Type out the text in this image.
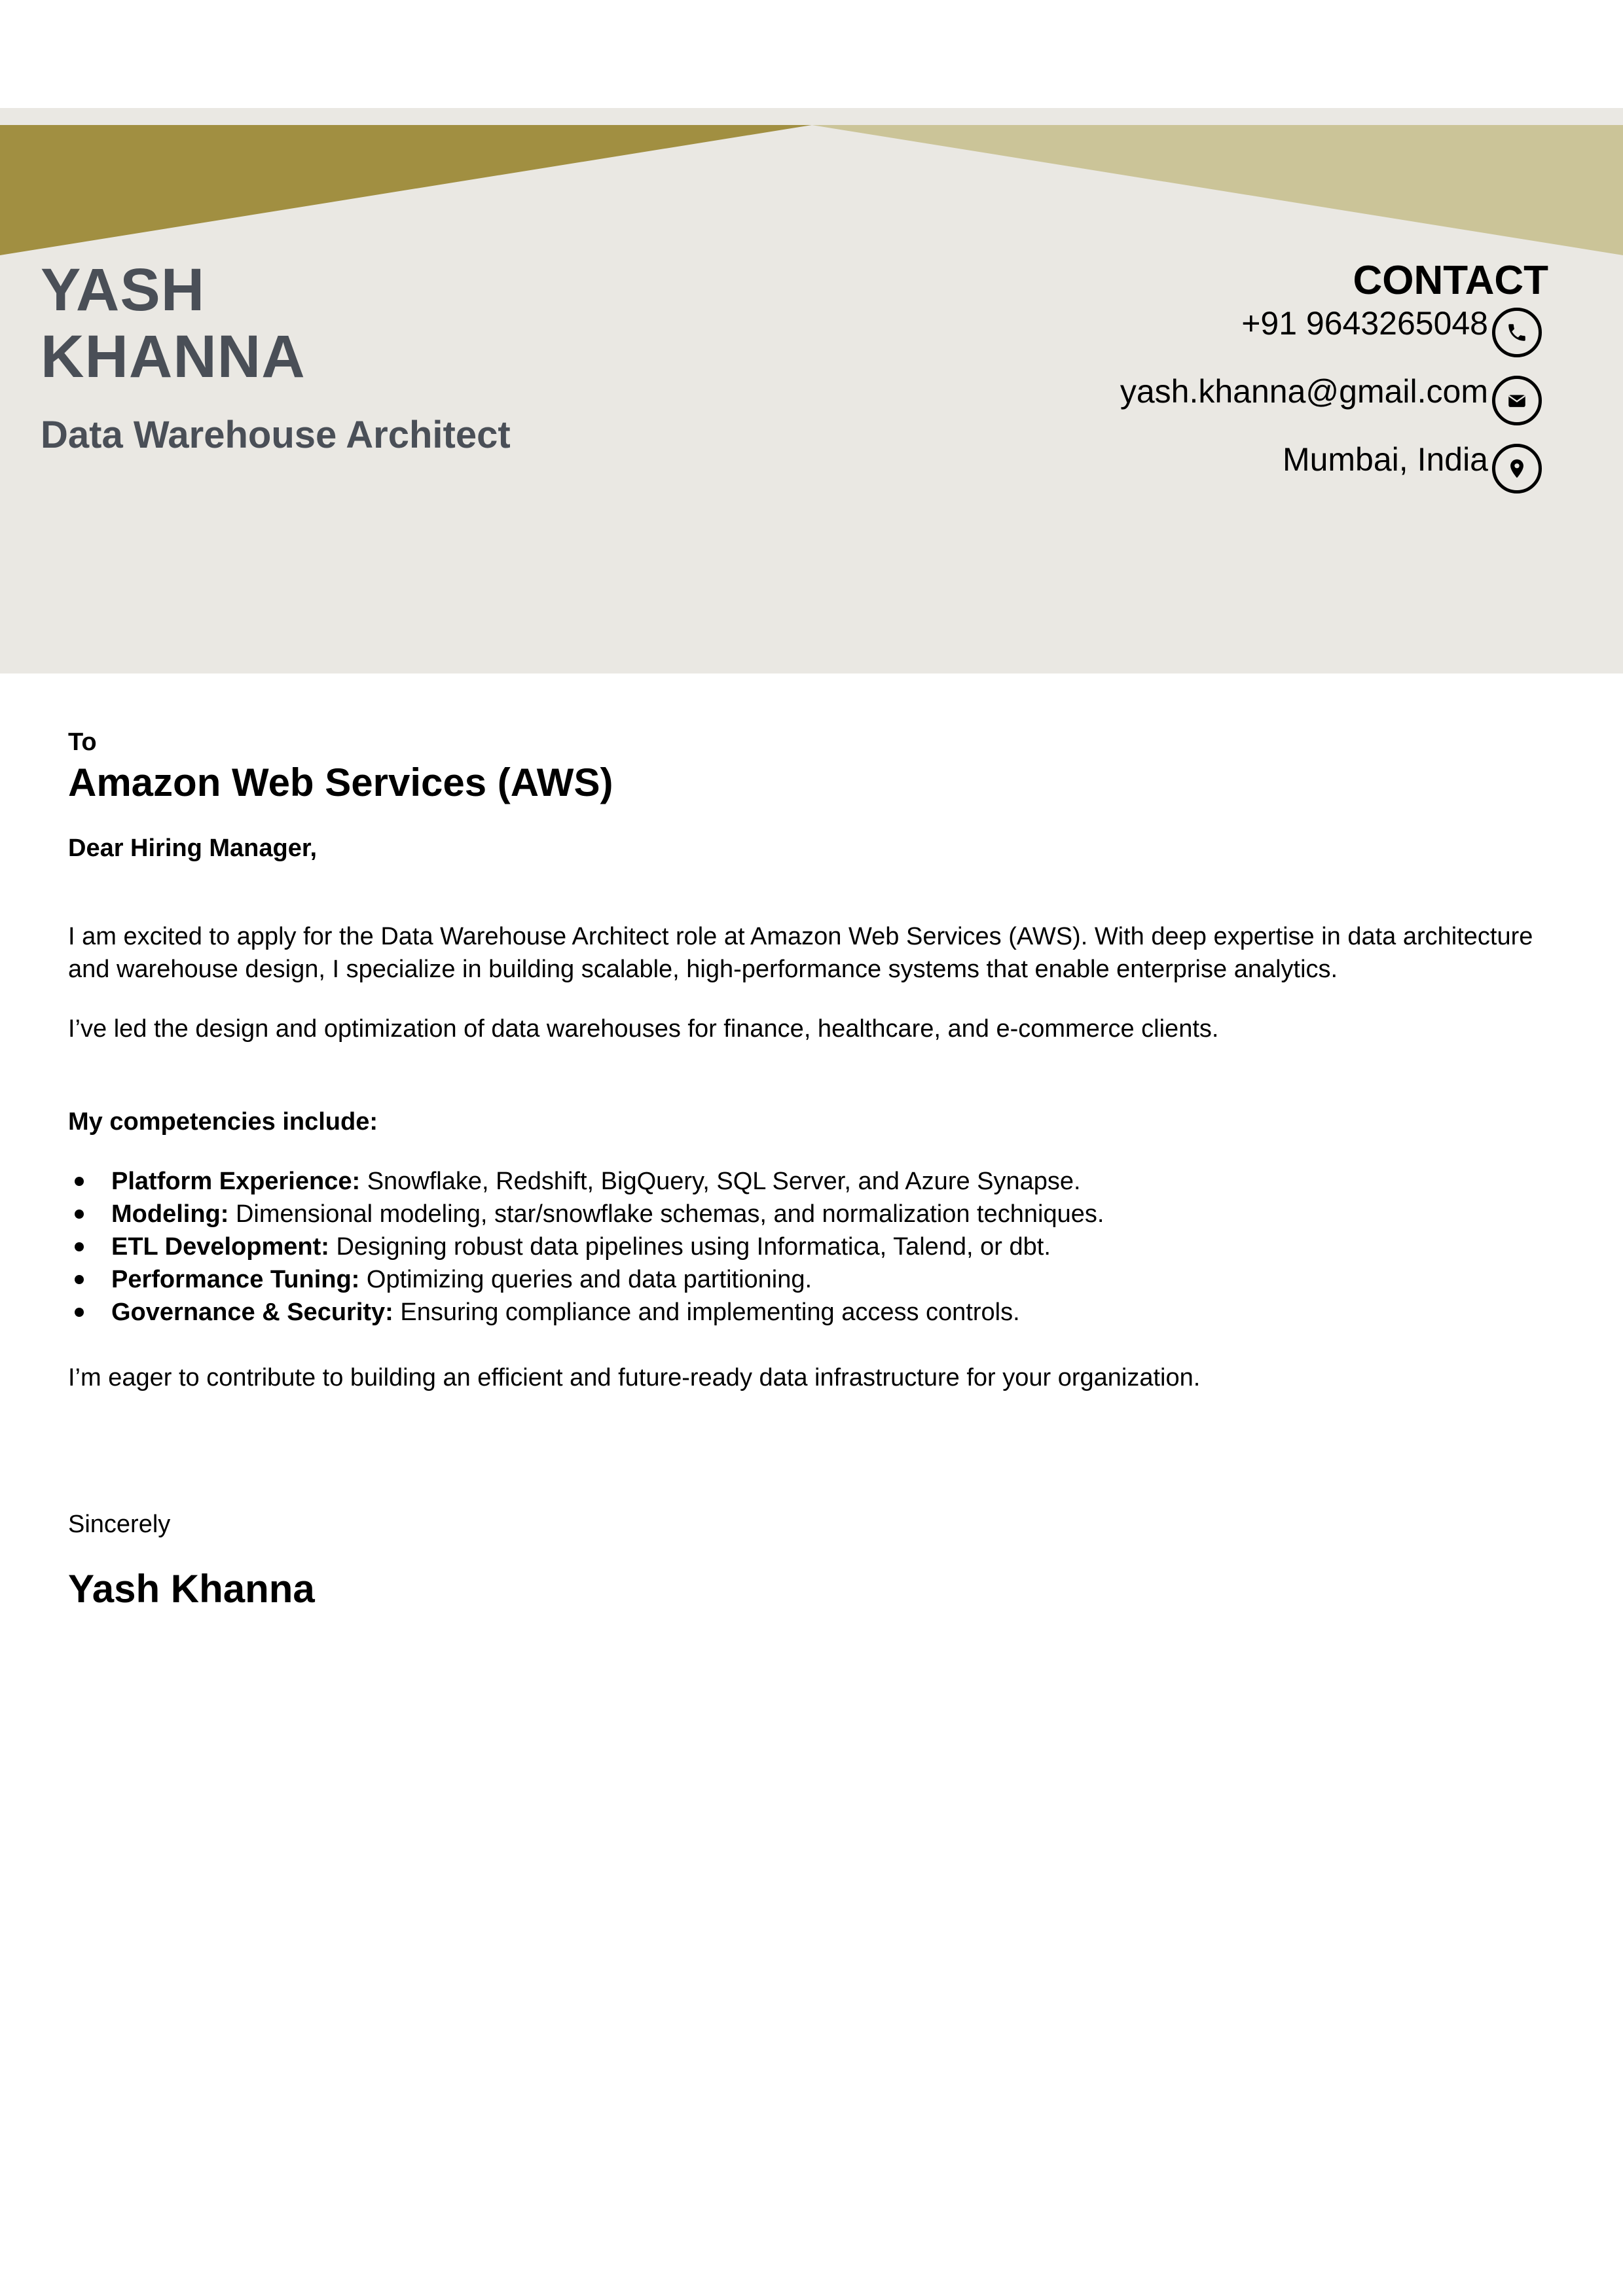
YASH
KHANNA
Data Warehouse Architect
CONTACT
+91 9643265048
yash.khanna@gmail.com
Mumbai, India

To

Amazon Web Services (AWS)

Dear Hiring Manager,

I am excited to apply for the Data Warehouse Architect role at Amazon Web Services (AWS). With deep expertise in data architecture and warehouse design, I specialize in building scalable, high-performance systems that enable enterprise analytics.

I’ve led the design and optimization of data warehouses for finance, healthcare, and e-commerce clients.

My competencies include:

Platform Experience: Snowflake, Redshift, BigQuery, SQL Server, and Azure Synapse.
Modeling: Dimensional modeling, star/snowflake schemas, and normalization techniques.
ETL Development: Designing robust data pipelines using Informatica, Talend, or dbt.
Performance Tuning: Optimizing queries and data partitioning.
Governance & Security: Ensuring compliance and implementing access controls.

I’m eager to contribute to building an efficient and future-ready data infrastructure for your organization.

Sincerely

Yash Khanna
